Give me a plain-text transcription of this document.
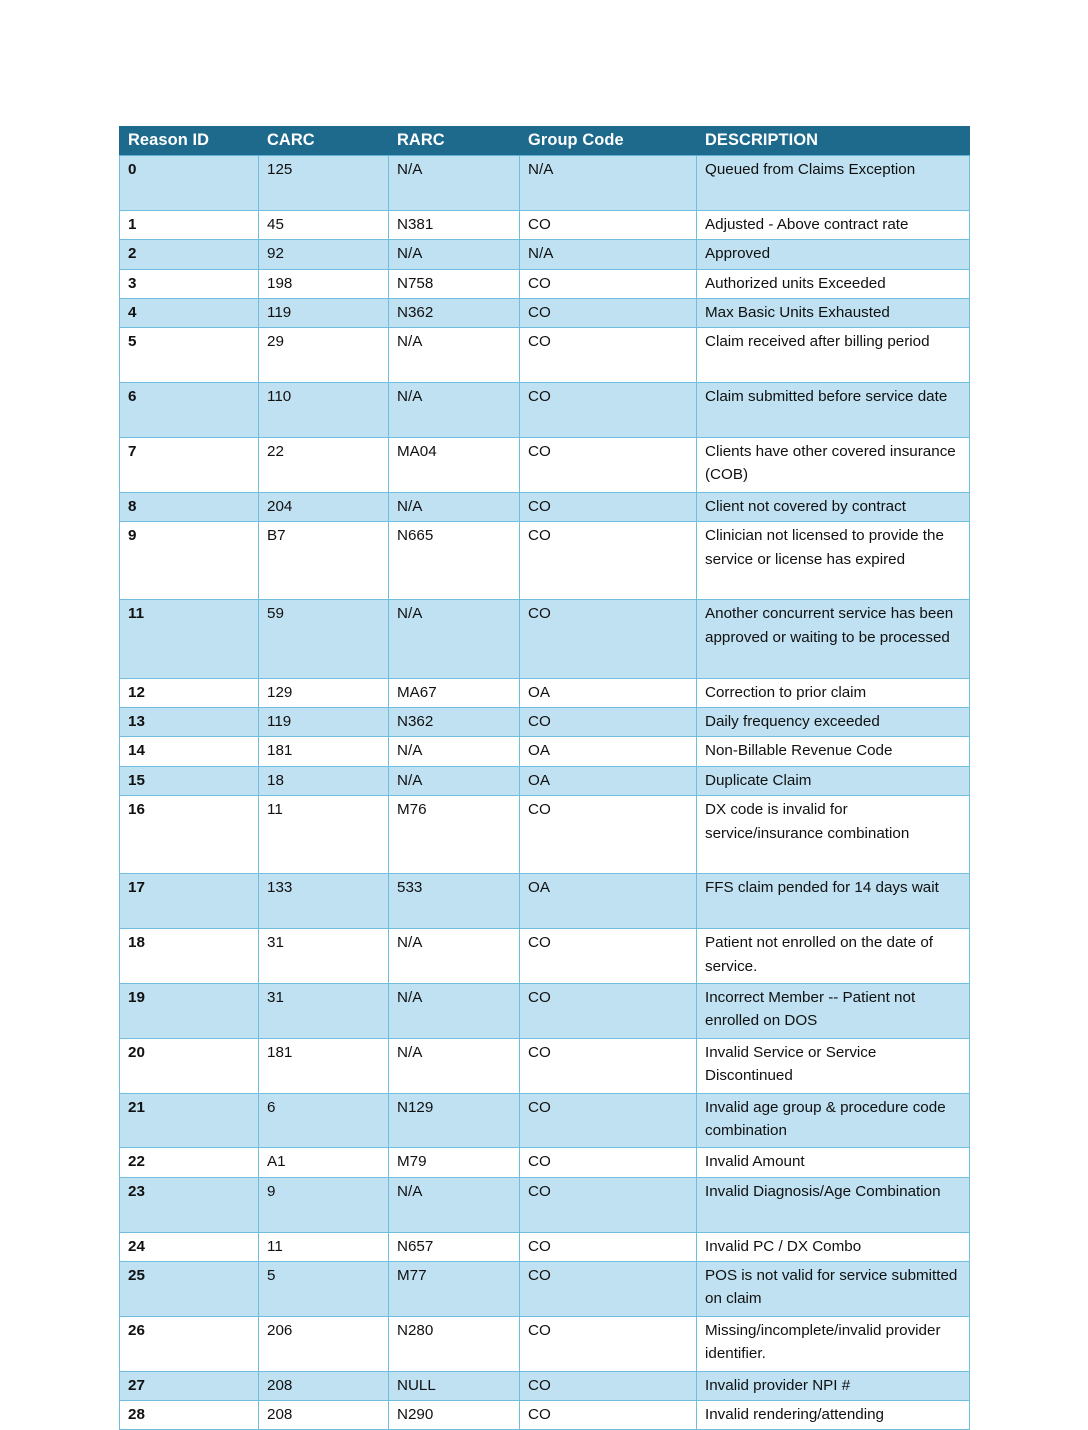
Reason ID	CARC	RARC	Group Code	DESCRIPTION

0	125	N/A	N/A	Queued from Claims Exception

1	45	N381	CO	Adjusted - Above contract rate

2	92	N/A	N/A	Approved

3	198	N758	CO	Authorized units Exceeded

4	119	N362	CO	Max Basic Units Exhausted

5	29	N/A	CO	Claim received after billing period

6	110	N/A	CO	Claim submitted before service date

7	22	MA04	CO	Clients have other covered insurance (COB)

8	204	N/A	CO	Client not covered by contract

9	B7	N665	CO	Clinician not licensed to provide the service or license has expired

11	59	N/A	CO	Another concurrent service has been approved or waiting to be processed

12	129	MA67	OA	Correction to prior claim

13	119	N362	CO	Daily frequency exceeded

14	181	N/A	OA	Non-Billable Revenue Code

15	18	N/A	OA	Duplicate Claim

16	11	M76	CO	DX code is invalid for service/insurance combination

17	133	533	OA	FFS claim pended for 14 days wait

18	31	N/A	CO	Patient not enrolled on the date of service.

19	31	N/A	CO	Incorrect Member -- Patient not enrolled on DOS

20	181	N/A	CO	Invalid Service or Service Discontinued

21	6	N129	CO	Invalid age group & procedure code combination

22	A1	M79	CO	Invalid Amount

23	9	N/A	CO	Invalid Diagnosis/Age Combination

24	11	N657	CO	Invalid PC / DX Combo

25	5	M77	CO	POS is not valid for service submitted on claim

26	206	N280	CO	Missing/incomplete/invalid provider identifier.

27	208	NULL	CO	Invalid provider NPI #

28	208	N290	CO	Invalid rendering/attending
